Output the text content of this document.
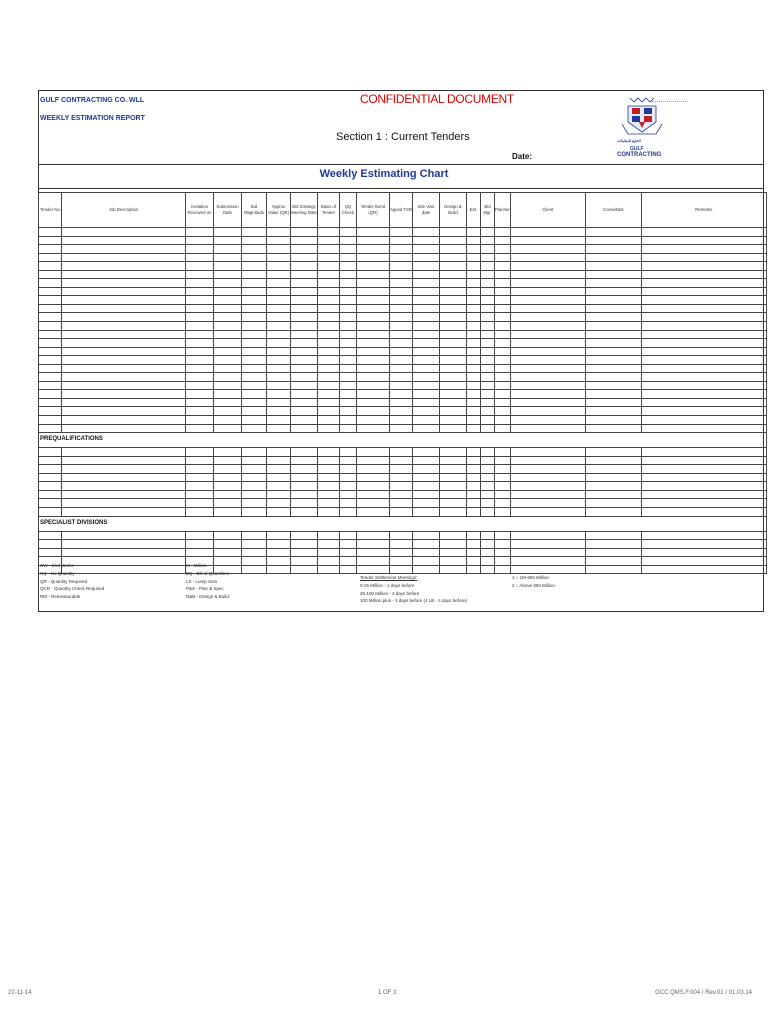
GULF CONTRACTING CO. WLL
WEEKLY ESTIMATION REPORT
CONFIDENTIAL DOCUMENT
Section 1 : Current Tenders
Date:
ﺍﻟﺨﻠﻴﺞ ﻟﻠﻤﻘﺎﻭﻻﺕ
GULF
CONTRACTING
Weekly Estimating Chart
Tender No	Job Description	Invitation Received on	Submission Date	Bid Magnitude	Approx Value (QR)	Bid Strategy Meeting Date	Basis of Tender	Qty Check	Tender Bond (QR)	Appvd TSR	Site Visit date	Design & Build	Est.	Bid Mgr.	Planner	Client	Consultant	Remarks

PREQUALIFICATIONS																		

SPECIALIST DIVISIONS																		

CW - Civil Works
NQ - No Quantity
QR - Quantity Required
QCR - Quantity Check Required
RM - Remeasurable
M - Million
BQ - Bill of Quantities
LS - Lump Sum
P&S - Plan & Spec
D&B - Design & Build
Tender Settlement Meetings:
0-25 Million - 1 days before
25-100 Million - 2 days before
100 Million plus - 3 days before (4 LB - 4 days before)
1 = 1M-850 Million
2 = Above 850 Million
22-11-14	1 OF 3	GCC.QMS.F.004 / Rev.01 / 01.03.14
